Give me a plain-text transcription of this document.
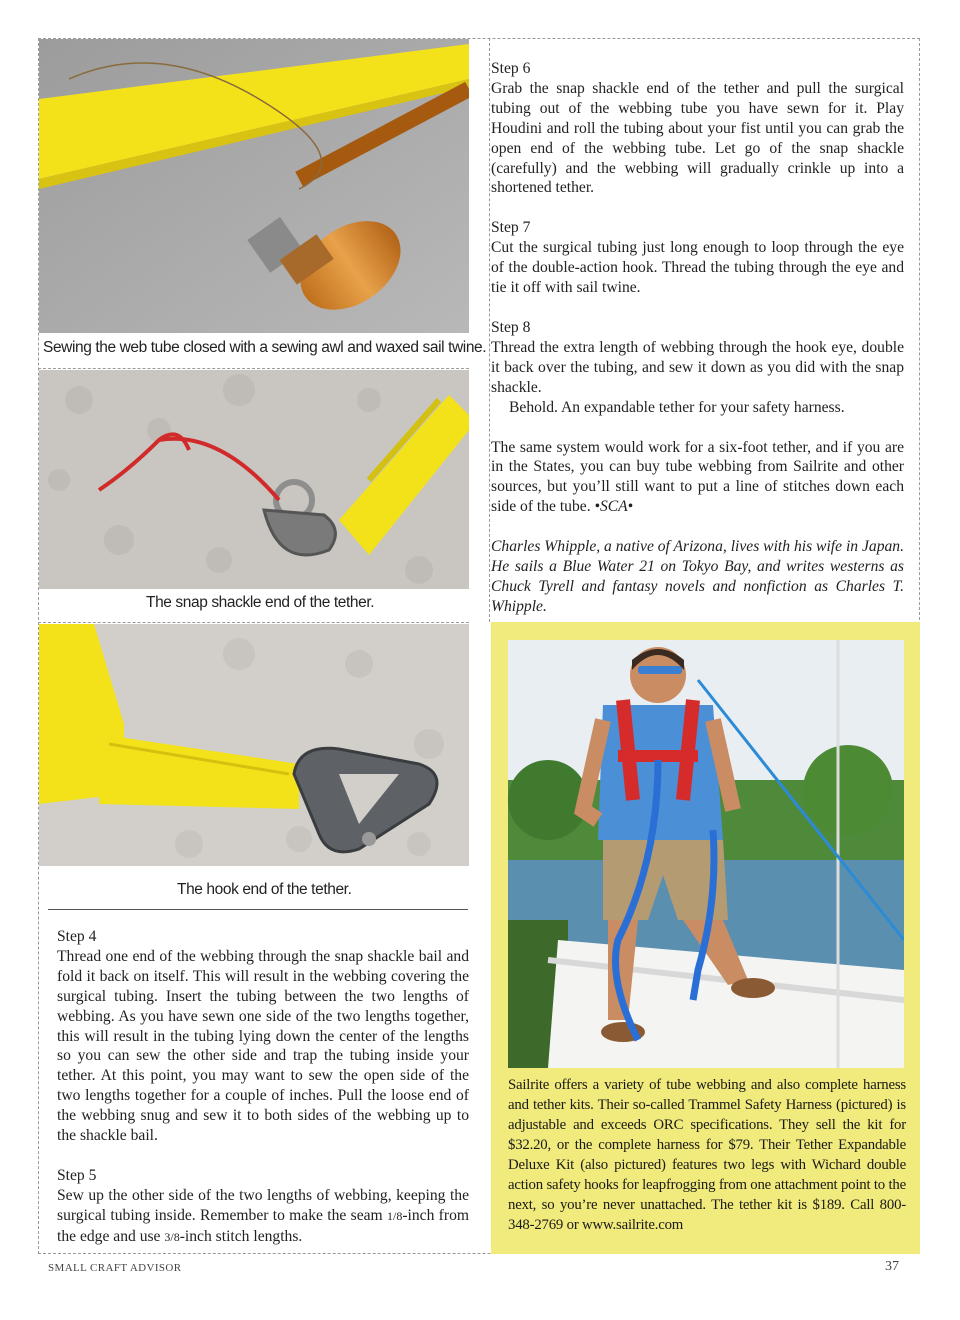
Sewing the web tube closed with a sewing awl and waxed sail twine.
The snap shackle end of the tether.
The hook end of the tether.

Step 4

Thread one end of the webbing through the snap shackle bail and fold it back on itself. This will result in the webbing covering the surgical tubing. Insert the tubing between the two lengths of webbing. As you have sewn one side of the two lengths together, this will result in the tubing lying down the center of the lengths so you can sew the other side and trap the tubing inside your tether. At this point, you may want to sew the open side of the two lengths together for a couple of inches. Pull the loose end of the webbing snug and sew it to both sides of the webbing up to the shackle bail.

Step 5

Sew up the other side of the two lengths of webbing, keeping the surgical tubing inside. Remember to make the seam 1/8-inch from the edge and use 3/8-inch stitch lengths.

Step 6

Grab the snap shackle end of the tether and pull the surgical tubing out of the webbing tube you have sewn for it. Play Houdini and roll the tubing about your fist until you can grab the open end of the webbing tube. Let go of the snap shackle (carefully) and the webbing will gradually crinkle up into a shortened tether.

Step 7

Cut the surgical tubing just long enough to loop through the eye of the double-action hook. Thread the tubing through the eye and tie it off with sail twine.

Step 8

Thread the extra length of webbing through the hook eye, double it back over the tubing, and sew it down as you did with the snap shackle.

Behold. An expandable tether for your safety harness.

The same system would work for a six-foot tether, and if you are in the States, you can buy tube webbing from Sailrite and other sources, but you’ll still want to put a line of stitches down each side of the tube. •SCA•

Charles Whipple, a native of Arizona, lives with his wife in Japan. He sails a Blue Water 21 on Tokyo Bay, and writes westerns as Chuck Tyrell and fantasy novels and nonfiction as Charles T. Whipple.

Sailrite offers a variety of tube webbing and also complete harness and tether kits. Their so-called Trammel Safety Harness (pictured) is adjustable and exceeds ORC specifications. They sell the kit for $32.20, or the complete harness for $79. Their Tether Expandable Deluxe Kit (also pictured) features two legs with Wichard double action safety hooks for leapfrogging from one attachment point to the next, so you’re never unattached. The tether kit is $189. Call 800-348-2769 or www.sailrite.com
SMALL CRAFT ADVISOR	37
